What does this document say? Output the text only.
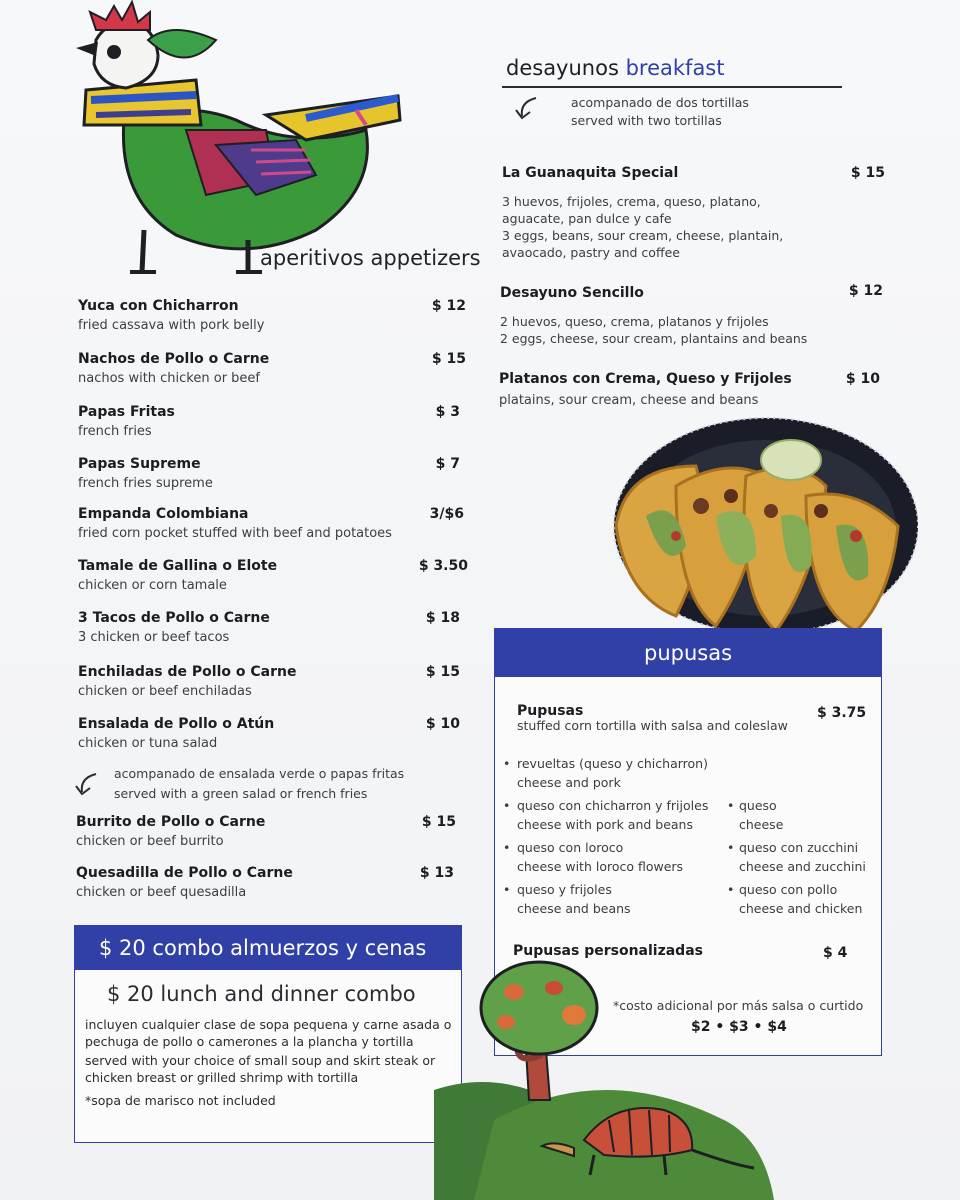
aperitivos appetizers
Yuca con Chicharron
fried cassava with pork belly
$ 12
Nachos de Pollo o Carne
nachos with chicken or beef
$ 15
Papas Fritas
french fries
$ 3
Papas Supreme
french fries supreme
$ 7
Empanda Colombiana
fried corn pocket stuffed with beef and potatoes
3/$6
Tamale de Gallina o Elote
chicken or corn tamale
$ 3.50
3 Tacos de Pollo o Carne
3 chicken or beef tacos
$ 18
Enchiladas de Pollo o Carne
chicken or beef enchiladas
$ 15
Ensalada de Pollo o Atún
chicken or tuna salad
$ 10
acompanado de ensalada verde o papas fritas
served with a green salad or french fries
Burrito de Pollo o Carne
chicken or beef burrito
$ 15
Quesadilla de Pollo o Carne
chicken or beef quesadilla
$ 13
$ 20 combo almuerzos y cenas
$ 20 lunch and dinner combo
incluyen cualquier clase de sopa pequena y carne asada o
pechuga de pollo o camerones a la plancha y tortilla
served with your choice of small soup and skirt steak or
chicken breast or grilled shrimp with tortilla
*sopa de marisco not included
desayunos breakfast
acompanado de dos tortillas
served with two tortillas
La Guanaquita Special	$ 15
3 huevos, frijoles, crema, queso, platano,
aguacate, pan dulce y cafe
3 eggs, beans, sour cream, cheese, plantain,
avaocado, pastry and coffee
Desayuno Sencillo	$ 12
2 huevos, queso, crema, platanos y frijoles
2 eggs, cheese, sour cream, plantains and beans
Platanos con Crema, Queso y Frijoles	$ 10
platains, sour cream, cheese and beans
pupusas
Pupusas
stuffed corn tortilla with salsa and coleslaw
$ 3.75
• revueltas (queso y chicharron)
cheese and pork
• queso con chicharron y frijoles
cheese with pork and beans
• queso con loroco
cheese with loroco flowers
• queso y frijoles
cheese and beans
• queso
cheese
• queso con zucchini
cheese and zucchini
• queso con pollo
cheese and chicken
Pupusas personalizadas	$ 4
*costo adicional por más salsa o curtido
$2 • $3 • $4
